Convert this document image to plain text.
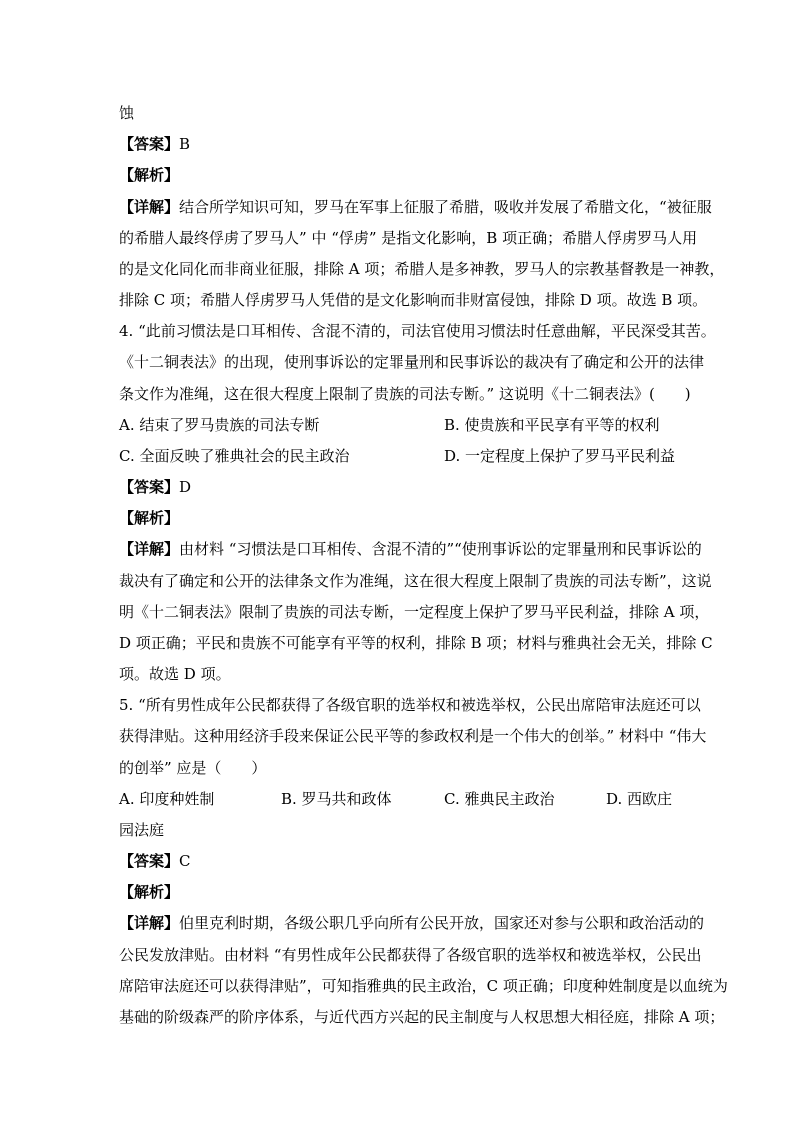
蚀
【答案】B
【解析】
【详解】结合所学知识可知，罗马在军事上征服了希腊，吸收并发展了希腊文化，“被征服
的希腊人最终俘虏了罗马人” 中 “俘虏” 是指文化影响，B 项正确；希腊人俘虏罗马人用
的是文化同化而非商业征服，排除 A 项；希腊人是多神教，罗马人的宗教基督教是一神教，
排除 C 项；希腊人俘虏罗马人凭借的是文化影响而非财富侵蚀，排除 D 项。故选 B 项。
4. “此前习惯法是口耳相传、含混不清的，司法官使用习惯法时任意曲解，平民深受其苦。
《十二铜表法》的出现，使刑事诉讼的定罪量刑和民事诉讼的裁决有了确定和公开的法律
条文作为准绳，这在很大程度上限制了贵族的司法专断。” 这说明《十二铜表法》(　　)
A. 结束了罗马贵族的司法专断	B. 使贵族和平民享有平等的权利
C. 全面反映了雅典社会的民主政治	D. 一定程度上保护了罗马平民利益
【答案】D
【解析】
【详解】由材料 “习惯法是口耳相传、含混不清的”“使刑事诉讼的定罪量刑和民事诉讼的
裁决有了确定和公开的法律条文作为准绳，这在很大程度上限制了贵族的司法专断”，这说
明《十二铜表法》限制了贵族的司法专断，一定程度上保护了罗马平民利益，排除 A 项，
D 项正确；平民和贵族不可能享有平等的权利，排除 B 项；材料与雅典社会无关，排除 C
项。故选 D 项。
5. “所有男性成年公民都获得了各级官职的选举权和被选举权，公民出席陪审法庭还可以
获得津贴。这种用经济手段来保证公民平等的参政权利是一个伟大的创举。” 材料中 “伟大
的创举” 应是（　　）
A. 印度种姓制	B. 罗马共和政体	C. 雅典民主政治	D. 西欧庄
园法庭
【答案】C
【解析】
【详解】伯里克利时期，各级公职几乎向所有公民开放，国家还对参与公职和政治活动的
公民发放津贴。由材料 “有男性成年公民都获得了各级官职的选举权和被选举权，公民出
席陪审法庭还可以获得津贴”，可知指雅典的民主政治，C 项正确；印度种姓制度是以血统为
基础的阶级森严的阶序体系，与近代西方兴起的民主制度与人权思想大相径庭，排除 A 项；
